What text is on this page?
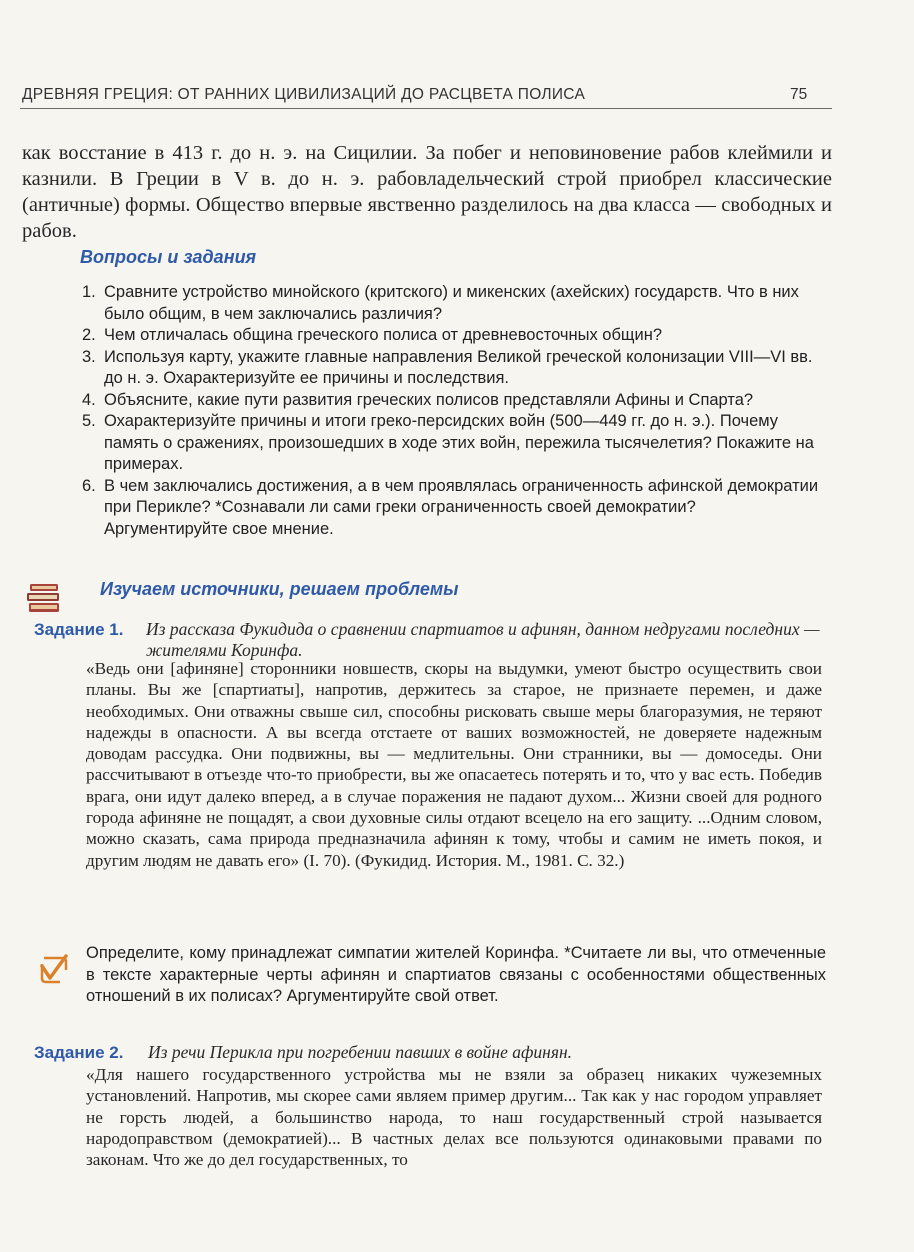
ДРЕВНЯЯ ГРЕЦИЯ: ОТ РАННИХ ЦИВИЛИЗАЦИЙ ДО РАСЦВЕТА ПОЛИСА	75
как восстание в 413 г. до н. э. на Сицилии. За побег и неповиновение рабов клеймили и казнили. В Греции в V в. до н. э. рабовладельческий строй приобрел классические (античные) формы. Общество впервые явственно разделилось на два класса — свободных и рабов.
Вопросы и задания
1. Сравните устройство минойского (критского) и микенских (ахейских) государств. Что в них было общим, в чем заключались различия?
2. Чем отличалась община греческого полиса от древневосточных общин?
3. Используя карту, укажите главные направления Великой греческой колонизации VIII—VI вв. до н. э. Охарактеризуйте ее причины и последствия.
4. Объясните, какие пути развития греческих полисов представляли Афины и Спарта?
5. Охарактеризуйте причины и итоги греко-персидских войн (500—449 гг. до н. э.). Почему память о сражениях, произошедших в ходе этих войн, пережила тысячелетия? Покажите на примерах.
6. В чем заключались достижения, а в чем проявлялась ограниченность афинской демократии при Перикле? *Сознавали ли сами греки ограниченность своей демократии? Аргументируйте свое мнение.
Изучаем источники, решаем проблемы
Задание 1. Из рассказа Фукидида о сравнении спартиатов и афинян, данном недругами последних — жителями Коринфа.
«Ведь они [афиняне] сторонники новшеств, скоры на выдумки, умеют быстро осуществить свои планы. Вы же [спартиаты], напротив, держитесь за старое, не признаете перемен, и даже необходимых. Они отважны свыше сил, способны рисковать свыше меры благоразумия, не теряют надежды в опасности. А вы всегда отстаете от ваших возможностей, не доверяете надежным доводам рассудка. Они подвижны, вы — медлительны. Они странники, вы — домоседы. Они рассчитывают в отъезде что-то приобрести, вы же опасаетесь потерять и то, что у вас есть. Победив врага, они идут далеко вперед, а в случае поражения не падают духом... Жизни своей для родного города афиняне не пощадят, а свои духовные силы отдают всецело на его защиту. ...Одним словом, можно сказать, сама природа предназначила афинян к тому, чтобы и самим не иметь покоя, и другим людям не давать его» (I. 70). (Фукидид. История. М., 1981. С. 32.)
Определите, кому принадлежат симпатии жителей Коринфа. *Считаете ли вы, что отмеченные в тексте характерные черты афинян и спартиатов связаны с особенностями общественных отношений в их полисах? Аргументируйте свой ответ.
Задание 2. Из речи Перикла при погребении павших в войне афинян.
«Для нашего государственного устройства мы не взяли за образец никаких чужеземных установлений. Напротив, мы скорее сами являем пример другим... Так как у нас городом управляет не горсть людей, а большинство народа, то наш государственный строй называется народоправством (демократией)... В частных делах все пользуются одинаковыми правами по законам. Что же до дел государственных, то
